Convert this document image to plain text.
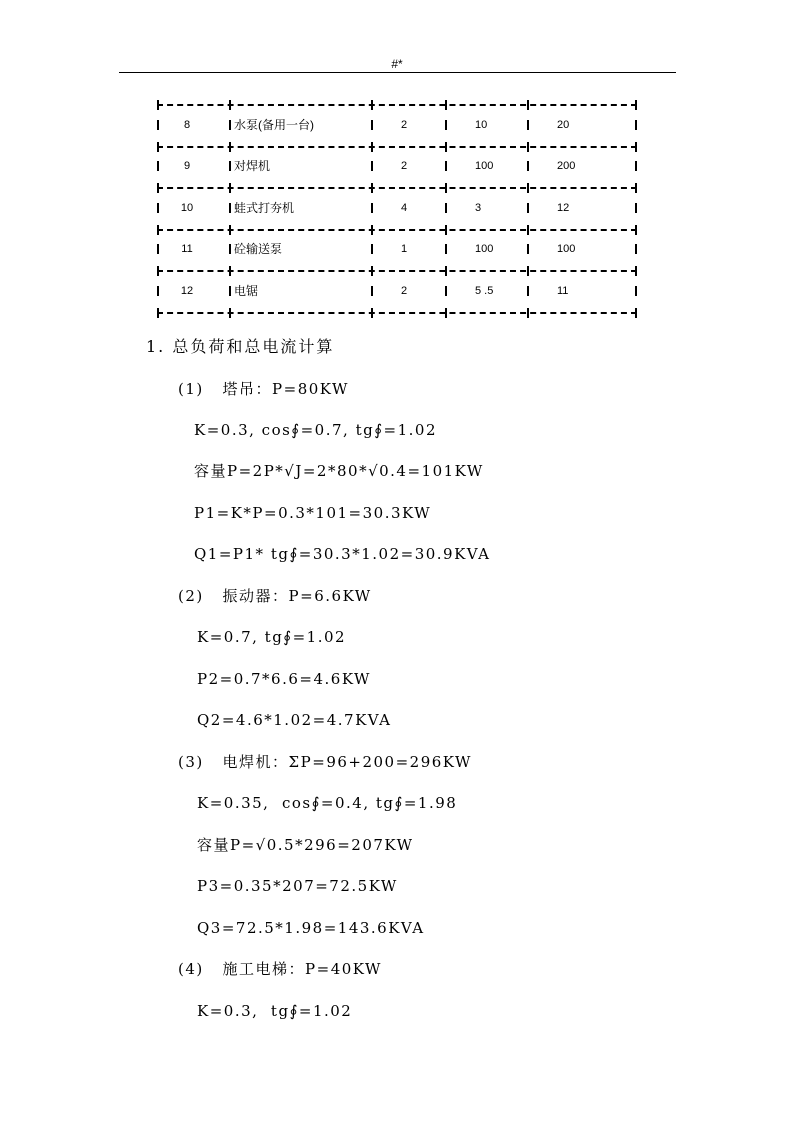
#*
8	水泵(备用一台)	2	10	20
9	对焊机	2	100	200
10	蛙式打夯机	4	3	12
11	砼输送泵	1	100	100
12	电锯	2	5 .5	11
1. 总负荷和总电流计算
(1)   塔吊：P=80KW
K=0.3, cos∮=0.7, tg∮=1.02
容量P=2P*√J=2*80*√0.4=101KW
P1=K*P=0.3*101=30.3KW
Q1=P1* tg∮=30.3*1.02=30.9KVA
(2)   振动器：P=6.6KW
K=0.7, tg∮=1.02
P2=0.7*6.6=4.6KW
Q2=4.6*1.02=4.7KVA
(3)   电焊机：ΣP=96+200=296KW
K=0.35,  cos∮=0.4, tg∮=1.98
容量P=√0.5*296=207KW
P3=0.35*207=72.5KW
Q3=72.5*1.98=143.6KVA
(4)   施工电梯：P=40KW
K=0.3,  tg∮=1.02
